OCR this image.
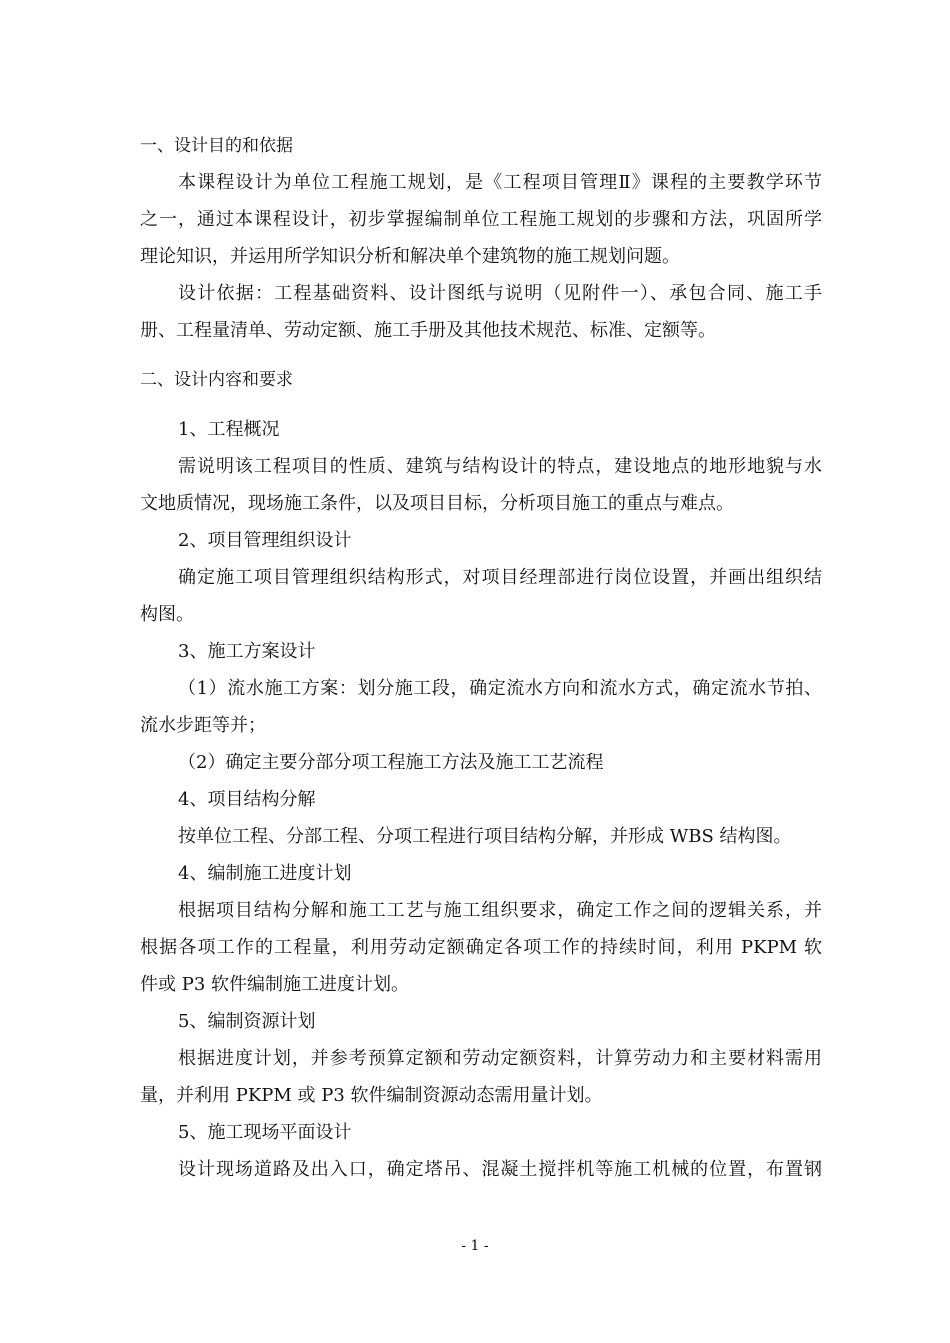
一、设计目的和依据
本课程设计为单位工程施工规划，是《工程项目管理Ⅱ》课程的主要教学环节
之一，通过本课程设计，初步掌握编制单位工程施工规划的步骤和方法，巩固所学
理论知识，并运用所学知识分析和解决单个建筑物的施工规划问题。
设计依据：工程基础资料、设计图纸与说明（见附件一）、承包合同、施工手
册、工程量清单、劳动定额、施工手册及其他技术规范、标准、定额等。
二、设计内容和要求
1、工程概况
需说明该工程项目的性质、建筑与结构设计的特点，建设地点的地形地貌与水
文地质情况，现场施工条件，以及项目目标，分析项目施工的重点与难点。
2、项目管理组织设计
确定施工项目管理组织结构形式，对项目经理部进行岗位设置，并画出组织结
构图。
3、施工方案设计
（1）流水施工方案：划分施工段，确定流水方向和流水方式，确定流水节拍、
流水步距等并；
（2）确定主要分部分项工程施工方法及施工工艺流程
4、项目结构分解
按单位工程、分部工程、分项工程进行项目结构分解，并形成 WBS 结构图。
4、编制施工进度计划
根据项目结构分解和施工工艺与施工组织要求，确定工作之间的逻辑关系，并
根据各项工作的工程量，利用劳动定额确定各项工作的持续时间，利用 PKPM 软
件或 P3 软件编制施工进度计划。
5、编制资源计划
根据进度计划，并参考预算定额和劳动定额资料，计算劳动力和主要材料需用
量，并利用 PKPM 或 P3 软件编制资源动态需用量计划。
5、施工现场平面设计
设计现场道路及出入口，确定塔吊、混凝土搅拌机等施工机械的位置，布置钢
- 1 -
